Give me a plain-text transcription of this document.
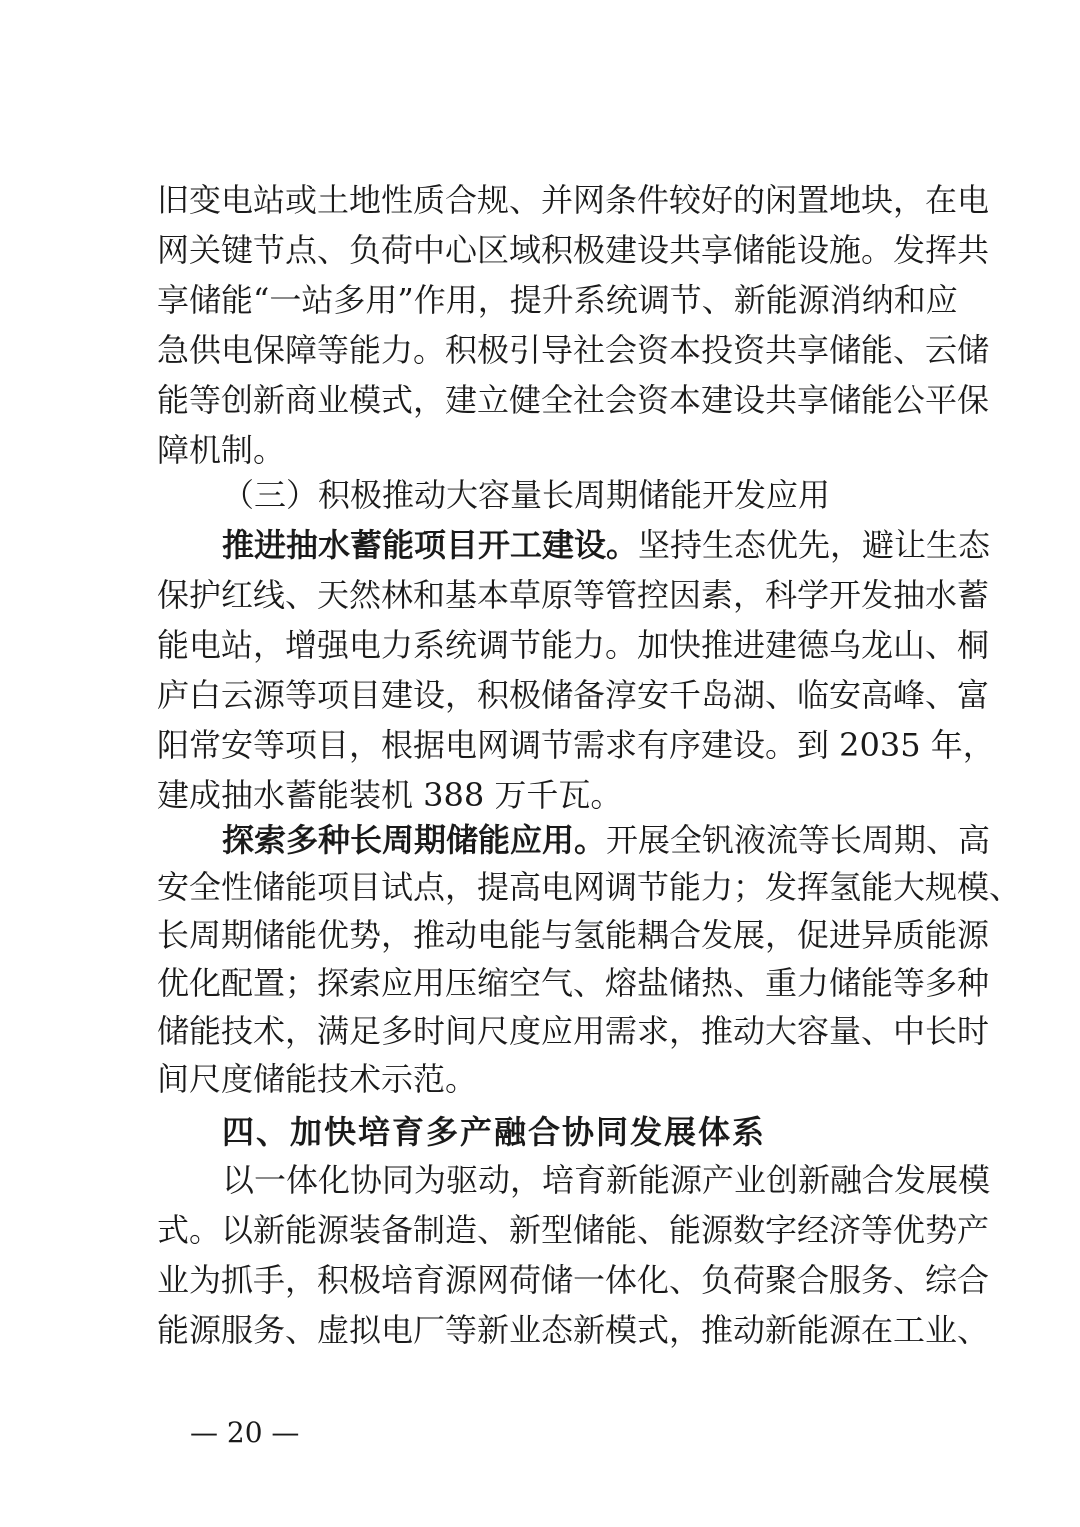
旧变电站或土地性质合规、并网条件较好的闲置地块，在电
网关键节点、负荷中心区域积极建设共享储能设施。发挥共
享储能“一站多用”作用，提升系统调节、新能源消纳和应
急供电保障等能力。积极引导社会资本投资共享储能、云储
能等创新商业模式，建立健全社会资本建设共享储能公平保
障机制。
（三）积极推动大容量长周期储能开发应用
推进抽水蓄能项目开工建设。坚持生态优先，避让生态
保护红线、天然林和基本草原等管控因素，科学开发抽水蓄
能电站，增强电力系统调节能力。加快推进建德乌龙山、桐
庐白云源等项目建设，积极储备淳安千岛湖、临安高峰、富
阳常安等项目，根据电网调节需求有序建设。到 2035 年，
建成抽水蓄能装机 388 万千瓦。
探索多种长周期储能应用。开展全钒液流等长周期、高
安全性储能项目试点，提高电网调节能力；发挥氢能大规模、
长周期储能优势，推动电能与氢能耦合发展，促进异质能源
优化配置；探索应用压缩空气、熔盐储热、重力储能等多种
储能技术，满足多时间尺度应用需求，推动大容量、中长时
间尺度储能技术示范。
四、加快培育多产融合协同发展体系
以一体化协同为驱动，培育新能源产业创新融合发展模
式。以新能源装备制造、新型储能、能源数字经济等优势产
业为抓手，积极培育源网荷储一体化、负荷聚合服务、综合
能源服务、虚拟电厂等新业态新模式，推动新能源在工业、
— 20 —
